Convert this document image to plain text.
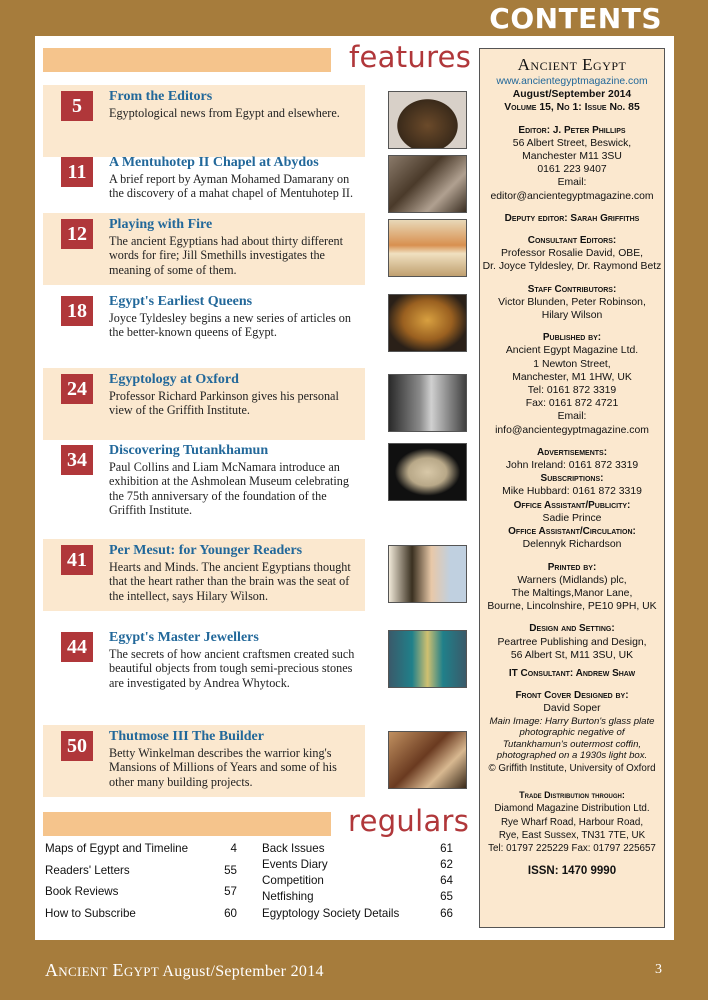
CONTENTS
features
5	From the Editors
Egyptological news from Egypt and elsewhere.
11	A Mentuhotep II Chapel at Abydos
A brief report by Ayman Mohamed Damarany on the discovery of a mahat chapel of Mentuhotep II.
12	Playing with Fire
The ancient Egyptians had about thirty different words for fire; Jill Smethills investigates the meaning of some of them.
18	Egypt's Earliest Queens
Joyce Tyldesley begins a new series of articles on the better-known queens of Egypt.
24	Egyptology at Oxford
Professor Richard Parkinson gives his personal view of the Griffith Institute.
34	Discovering Tutankhamun
Paul Collins and Liam McNamara introduce an exhibition at the Ashmolean Museum celebrating the 75th anniversary of the foundation of the Griffith Institute.
41	Per Mesut: for Younger Readers
Hearts and Minds. The ancient Egyptians thought that the heart rather than the brain was the seat of the intellect, says Hilary Wilson.
44	Egypt's Master Jewellers
The secrets of how ancient craftsmen created such beautiful objects from tough semi-precious stones are investigated by Andrea Whytock.
50	Thutmose III The Builder
Betty Winkelman describes the warrior king's Mansions of Millions of Years and some of his other many building projects.
regulars
Maps of Egypt and Timeline	4
Readers' Letters	55
Book Reviews	57
How to Subscribe	60
Back Issues	61
Events Diary	62
Competition	64
Netfishing	65
Egyptology Society Details	66
Ancient Egypt
www.ancientegyptmagazine.com
August/September 2014
Volume 15, No 1: Issue No. 85
Editor: J. Peter Phillips
56 Albert Street, Beswick,
Manchester M11 3SU
0161 223 9407
Email: editor@ancientegyptmagazine.com
Deputy editor: Sarah Griffiths
Consultant Editors:
Professor Rosalie David, OBE,
Dr. Joyce Tyldesley, Dr. Raymond Betz
Staff Contributors:
Victor Blunden, Peter Robinson,
Hilary Wilson
Published by:
Ancient Egypt Magazine Ltd.
1 Newton Street,
Manchester, M1 1HW, UK
Tel: 0161 872 3319
Fax: 0161 872 4721
Email: info@ancientegyptmagazine.com
Advertisements:
John Ireland: 0161 872 3319
Subscriptions:
Mike Hubbard: 0161 872 3319
Office Assistant/Publicity:
Sadie Prince
Office Assistant/Circulation:
Delennyk Richardson
Printed by:
Warners (Midlands) plc,
The Maltings,Manor Lane,
Bourne, Lincolnshire, PE10 9PH, UK
Design and Setting:
Peartree Publishing and Design,
56 Albert St, M11 3SU, UK
IT Consultant: Andrew Shaw
Front Cover Designed by:
David Soper
Main Image: Harry Burton's glass plate photographic negative of Tutankhamun's outermost coffin, photographed on a 1930s light box.
© Griffith Institute, University of Oxford
Trade Distribution through:
Diamond Magazine Distribution Ltd.
Rye Wharf Road, Harbour Road,
Rye, East Sussex, TN31 7TE, UK
Tel: 01797 225229 Fax: 01797 225657
ISSN: 1470 9990
Ancient Egypt August/September 2014	3
